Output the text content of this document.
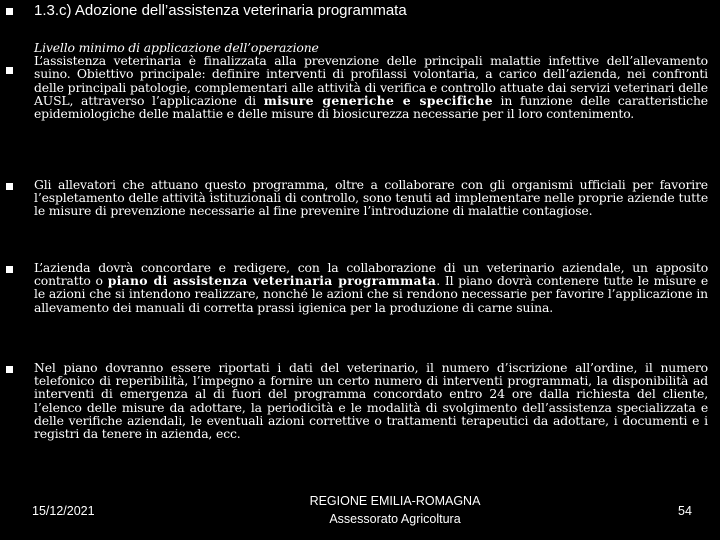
1.3.c) Adozione dell’assistenza veterinaria programmata

Livello minimo di applicazione dell’operazione

L’assistenza veterinaria è finalizzata alla prevenzione delle principali malattie infettive dell’allevamento suino. Obiettivo principale: definire interventi di profilassi volontaria, a carico dell’azienda, nei confronti delle principali patologie, complementari alle attività di verifica e controllo attuate dai servizi veterinari delle AUSL, attraverso l’applicazione di misure generiche e specifiche in funzione delle caratteristiche epidemiologiche delle malattie e delle misure di biosicurezza necessarie per il loro contenimento.

Gli allevatori che attuano questo programma, oltre a collaborare con gli organismi ufficiali per favorire l’espletamento delle attività istituzionali di controllo, sono tenuti ad implementare nelle proprie aziende tutte le misure di prevenzione necessarie al fine prevenire l’introduzione di malattie contagiose.

L’azienda dovrà concordare e redigere, con la collaborazione di un veterinario aziendale, un apposito contratto o piano di assistenza veterinaria programmata. Il piano dovrà contenere tutte le misure e le azioni che si intendono realizzare, nonché le azioni che si rendono necessarie per favorire l’applicazione in allevamento dei manuali di corretta prassi igienica per la produzione di carne suina.

Nel piano dovranno essere riportati i dati del veterinario, il numero d’iscrizione all’ordine, il numero telefonico di reperibilità, l’impegno a fornire un certo numero di interventi programmati, la disponibilità ad interventi di emergenza al di fuori del programma concordato entro 24 ore dalla richiesta del cliente, l’elenco delle misure da adottare, la periodicità e le modalità di svolgimento dell’assistenza specializzata e delle verifiche aziendali, le eventuali azioni correttive o trattamenti terapeutici da adottare, i documenti e i registri da tenere in azienda, ecc.

15/12/2021
REGIONE EMILIA-ROMAGNA
Assessorato Agricoltura
54
